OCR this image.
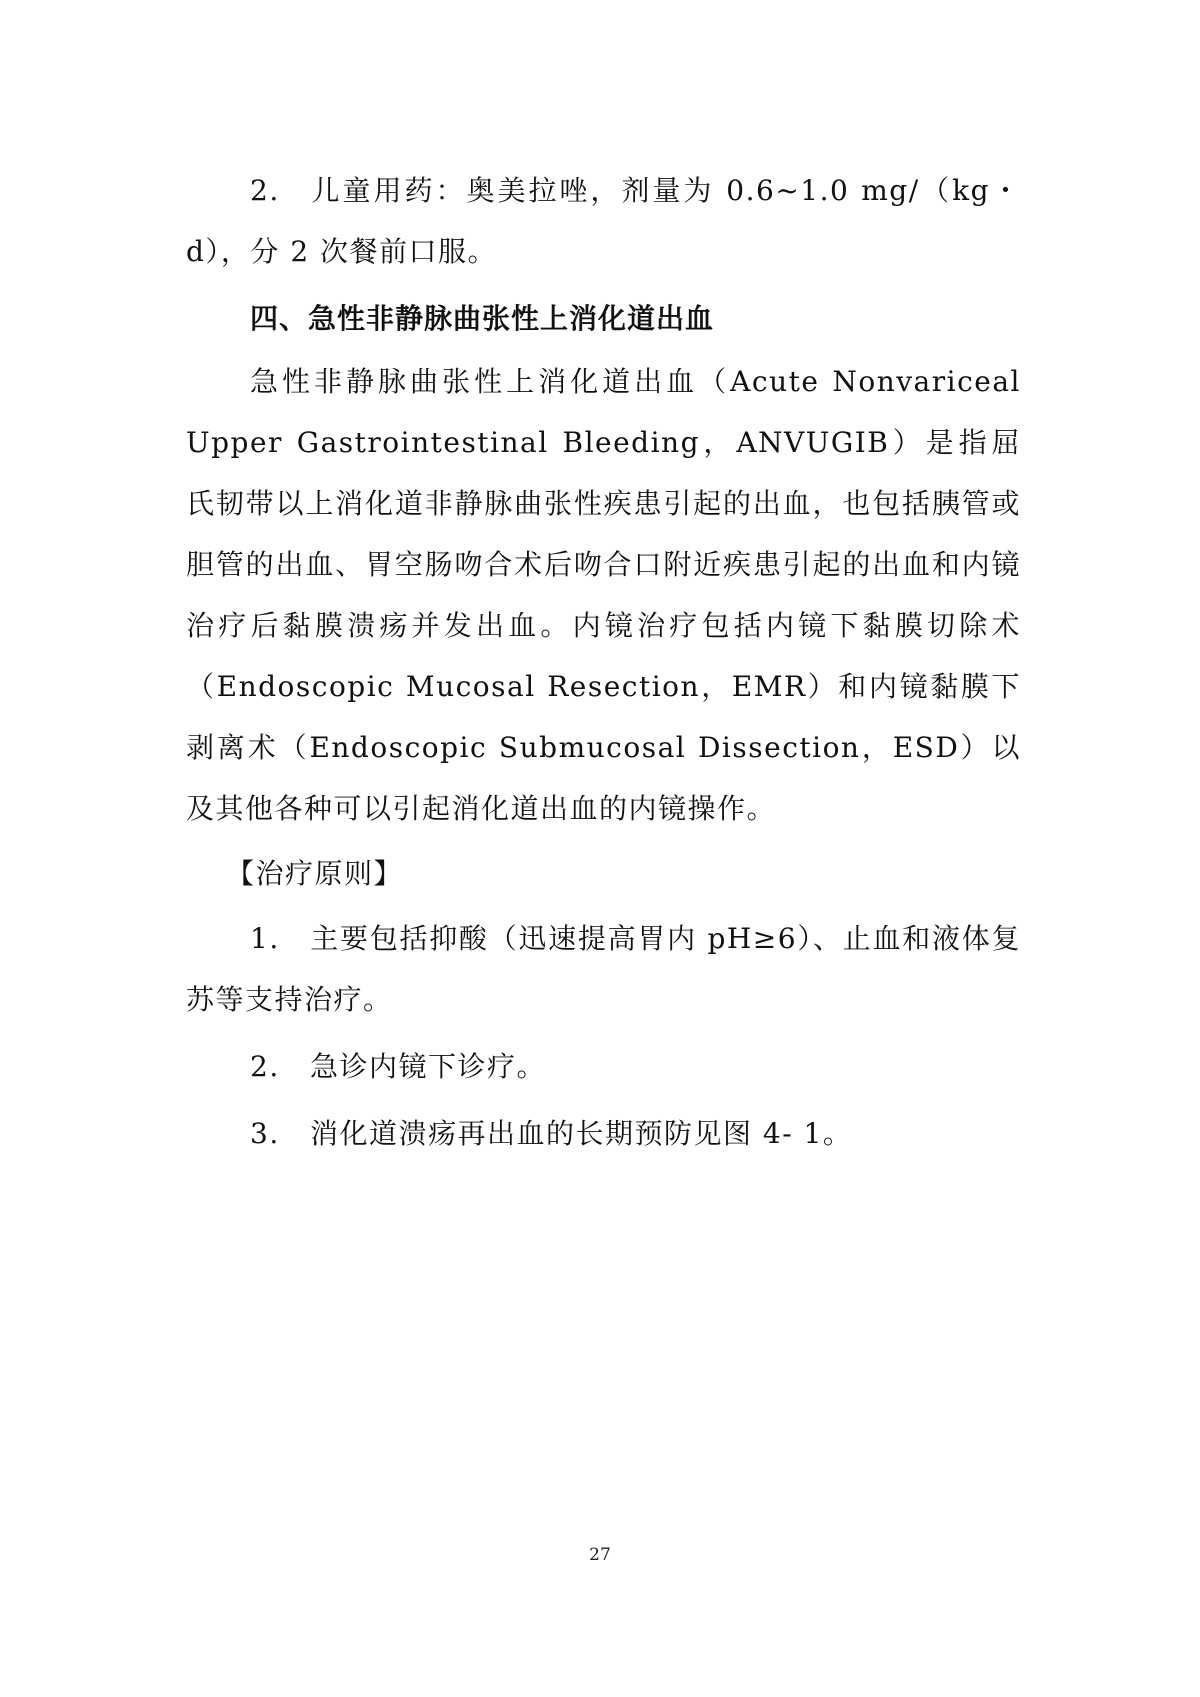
2. 儿童用药：奥美拉唑，剂量为 0.6~1.0 mg/（kg・d），分 2 次餐前口服。

四、急性非静脉曲张性上消化道出血

急性非静脉曲张性上消化道出血（Acute Nonvariceal Upper Gastrointestinal Bleeding，ANVUGIB）是指屈氏韧带以上消化道非静脉曲张性疾患引起的出血，也包括胰管或胆管的出血、胃空肠吻合术后吻合口附近疾患引起的出血和内镜治疗后黏膜溃疡并发出血。内镜治疗包括内镜下黏膜切除术（Endoscopic Mucosal Resection，EMR）和内镜黏膜下剥离术（Endoscopic Submucosal Dissection，ESD）以及其他各种可以引起消化道出血的内镜操作。

【治疗原则】

1. 主要包括抑酸（迅速提高胃内 pH≥6）、止血和液体复苏等支持治疗。

2. 急诊内镜下诊疗。

3. 消化道溃疡再出血的长期预防见图 4- 1。

27
